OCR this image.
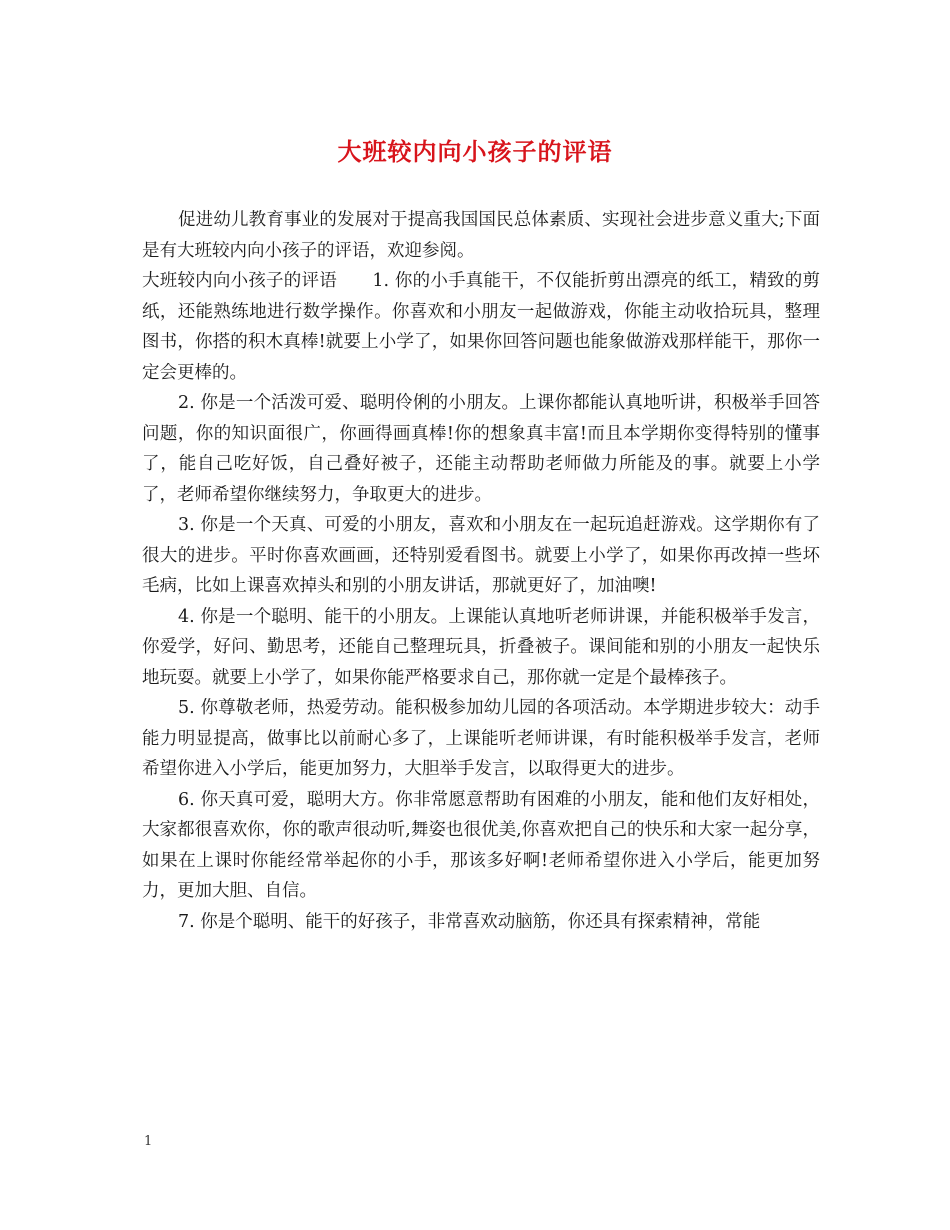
大班较内向小孩子的评语

促进幼儿教育事业的发展对于提高我国国民总体素质、实现社会进步意义重大;下面是有大班较内向小孩子的评语，欢迎参阅。

大班较内向小孩子的评语　　1. 你的小手真能干，不仅能折剪出漂亮的纸工，精致的剪纸，还能熟练地进行数学操作。你喜欢和小朋友一起做游戏，你能主动收拾玩具，整理图书，你搭的积木真棒!就要上小学了，如果你回答问题也能象做游戏那样能干，那你一定会更棒的。

2. 你是一个活泼可爱、聪明伶俐的小朋友。上课你都能认真地听讲，积极举手回答问题，你的知识面很广，你画得画真棒!你的想象真丰富!而且本学期你变得特别的懂事了，能自己吃好饭，自己叠好被子，还能主动帮助老师做力所能及的事。就要上小学了，老师希望你继续努力，争取更大的进步。

3. 你是一个天真、可爱的小朋友，喜欢和小朋友在一起玩追赶游戏。这学期你有了很大的进步。平时你喜欢画画，还特别爱看图书。就要上小学了，如果你再改掉一些坏毛病，比如上课喜欢掉头和别的小朋友讲话，那就更好了，加油噢!

4. 你是一个聪明、能干的小朋友。上课能认真地听老师讲课，并能积极举手发言，你爱学，好问、勤思考，还能自己整理玩具，折叠被子。课间能和别的小朋友一起快乐地玩耍。就要上小学了，如果你能严格要求自己，那你就一定是个最棒孩子。

5. 你尊敬老师，热爱劳动。能积极参加幼儿园的各项活动。本学期进步较大：动手能力明显提高，做事比以前耐心多了，上课能听老师讲课，有时能积极举手发言，老师希望你进入小学后，能更加努力，大胆举手发言，以取得更大的进步。

6. 你天真可爱，聪明大方。你非常愿意帮助有困难的小朋友，能和他们友好相处，大家都很喜欢你，你的歌声很动听,舞姿也很优美,你喜欢把自己的快乐和大家一起分享，如果在上课时你能经常举起你的小手，那该多好啊!老师希望你进入小学后，能更加努力，更加大胆、自信。

7. 你是个聪明、能干的好孩子，非常喜欢动脑筋，你还具有探索精神，常能

1
